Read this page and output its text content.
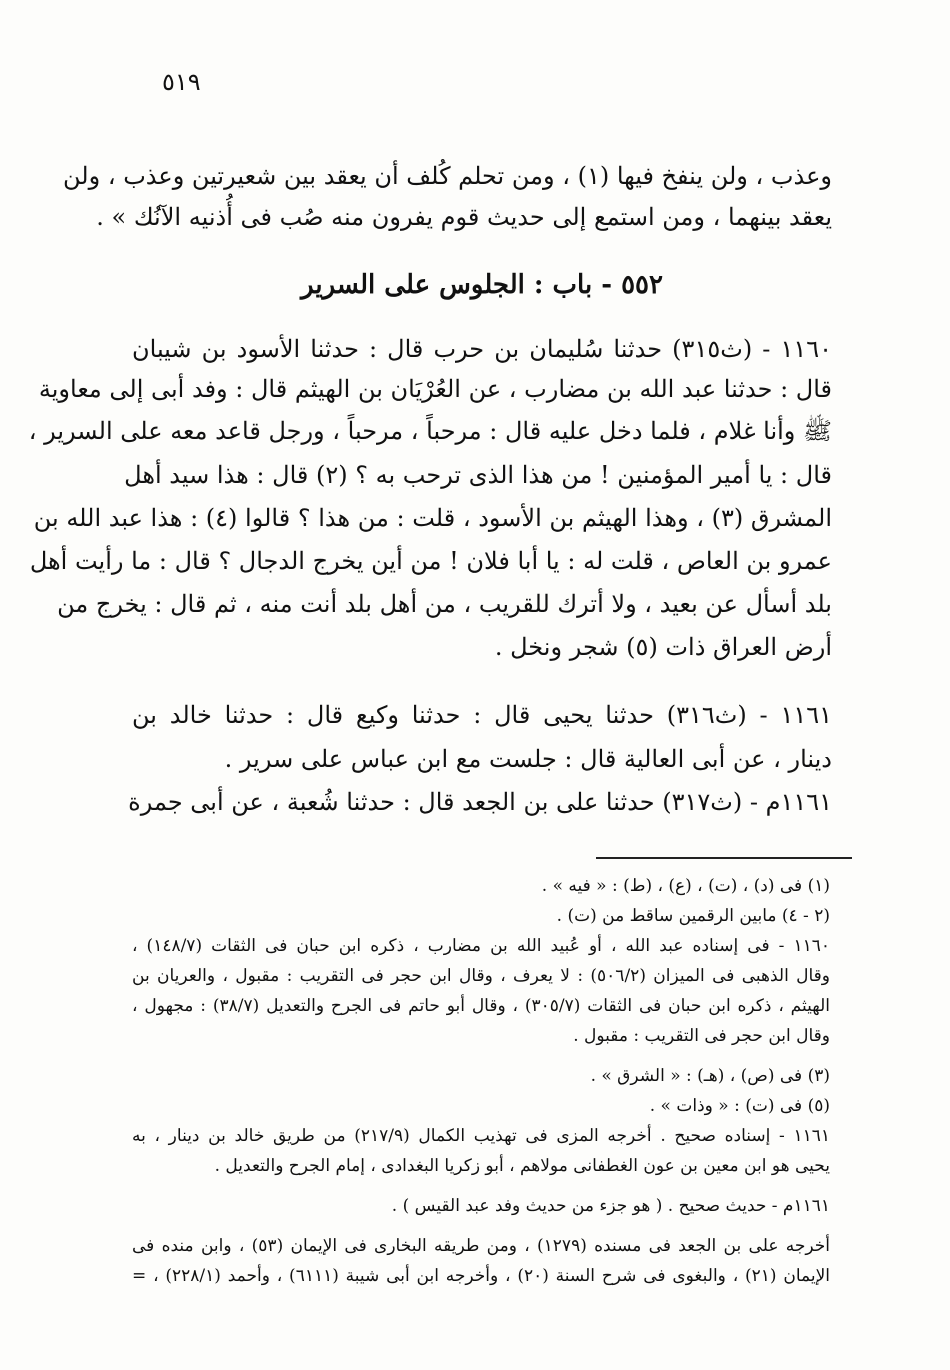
٥١٩
وعذب ، ولن ينفخ فيها (١) ، ومن تحلم كُلف أن يعقد بين شعيرتين وعذب ، ولن
يعقد بينهما ، ومن استمع إلى حديث قوم يفرون منه صُب فى أُذنيه الآنُك » .
٥٥٢ - باب : الجلوس على السرير
١١٦٠ - (ث٣١٥) حدثنا سُليمان بن حرب قال : حدثنا الأسود بن شيبان
قال : حدثنا عبد الله بن مضارب ، عن العُرْيَان بن الهيثم قال : وفد أبى إلى معاوية
ﷺ وأنا غلام ، فلما دخل عليه قال : مرحباً ، مرحباً ، ورجل قاعد معه على السرير ،
قال : يا أمير المؤمنين ! من هذا الذى ترحب به ؟ (٢) قال : هذا سيد أهل
المشرق (٣) ، وهذا الهيثم بن الأسود ، قلت : من هذا ؟ قالوا (٤) : هذا عبد الله بن
عمرو بن العاص ، قلت له : يا أبا فلان ! من أين يخرج الدجال ؟ قال : ما رأيت أهل
بلد أسأل عن بعيد ، ولا أترك للقريب ، من أهل بلد أنت منه ، ثم قال : يخرج من
أرض العراق ذات (٥) شجر ونخل .
١١٦١ - (ث٣١٦) حدثنا يحيى قال : حدثنا وكيع قال : حدثنا خالد بن
دينار ، عن أبى العالية قال : جلست مع ابن عباس على سرير .
١١٦١م - (ث٣١٧) حدثنا على بن الجعد قال : حدثنا شُعبة ، عن أبى جمرة
(١) فى (د) ، (ت) ، (ع) ، (ط) : « فيه » .
(٢ - ٤) مابين الرقمين ساقط من (ت) .
١١٦٠ - فى إسناده عبد الله ، أو عُبيد الله بن مضارب ، ذكره ابن حبان فى الثقات (١٤٨/٧) ،
وقال الذهبى فى الميزان (٥٠٦/٢) : لا يعرف ، وقال ابن حجر فى التقريب : مقبول ، والعريان بن
الهيثم ، ذكره ابن حبان فى الثقات (٣٠٥/٧) ، وقال أبو حاتم فى الجرح والتعديل (٣٨/٧) : مجهول ،
وقال ابن حجر فى التقريب : مقبول .
(٣) فى (ص) ، (هـ) : « الشرق » .
(٥) فى (ت) : « وذات » .
١١٦١ - إسناده صحيح . أخرجه المزى فى تهذيب الكمال (٢١٧/٩) من طريق خالد بن دينار ، به
يحيى هو ابن معين بن عون الغطفانى مولاهم ، أبو زكريا البغدادى ، إمام الجرح والتعديل .
١١٦١م - حديث صحيح . ( هو جزء من حديث وفد عبد القيس ) .
أخرجه على بن الجعد فى مسنده (١٢٧٩) ، ومن طريقه البخارى فى الإيمان (٥٣) ، وابن منده فى
الإيمان (٢١) ، والبغوى فى شرح السنة (٢٠) ، وأخرجه ابن أبى شيبة (٦١١١) ، وأحمد (٢٢٨/١) ، =
